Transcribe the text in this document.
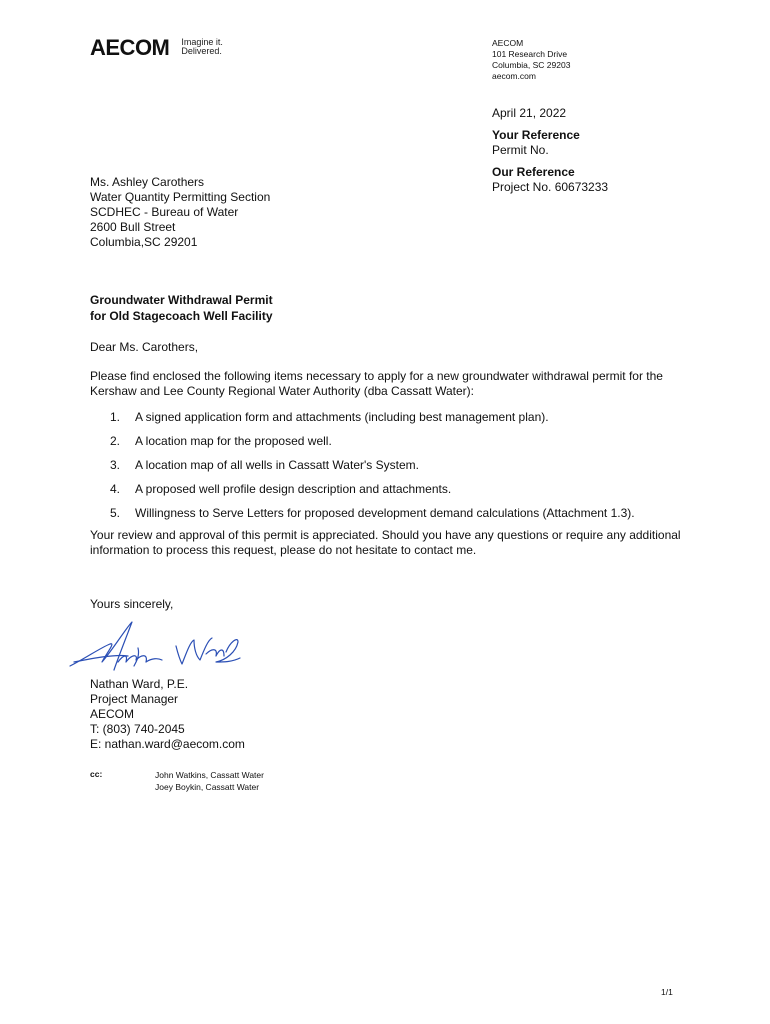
AECOM Imagine it.
Delivered.
AECOM
101 Research Drive
Columbia, SC 29203
aecom.com
April 21, 2022
Your Reference
Permit No.
Our Reference
Project No. 60673233
Ms. Ashley Carothers
Water Quantity Permitting Section
SCDHEC - Bureau of Water
2600 Bull Street
Columbia,SC 29201
Groundwater Withdrawal Permit
for Old Stagecoach Well Facility
Dear Ms. Carothers,
Please find enclosed the following items necessary to apply for a new groundwater withdrawal permit for the Kershaw and Lee County Regional Water Authority (dba Cassatt Water):
1.	A signed application form and attachments (including best management plan).
2.	A location map for the proposed well.
3.	A location map of all wells in Cassatt Water's System.
4.	A proposed well profile design description and attachments.
5.	Willingness to Serve Letters for proposed development demand calculations (Attachment 1.3).
Your review and approval of this permit is appreciated. Should you have any questions or require any additional information to process this request, please do not hesitate to contact me.
Yours sincerely,
Nathan Ward, P.E.
Project Manager
AECOM
T: (803) 740-2045
E: nathan.ward@aecom.com
cc:	John Watkins, Cassatt Water
Joey Boykin, Cassatt Water
1/1
